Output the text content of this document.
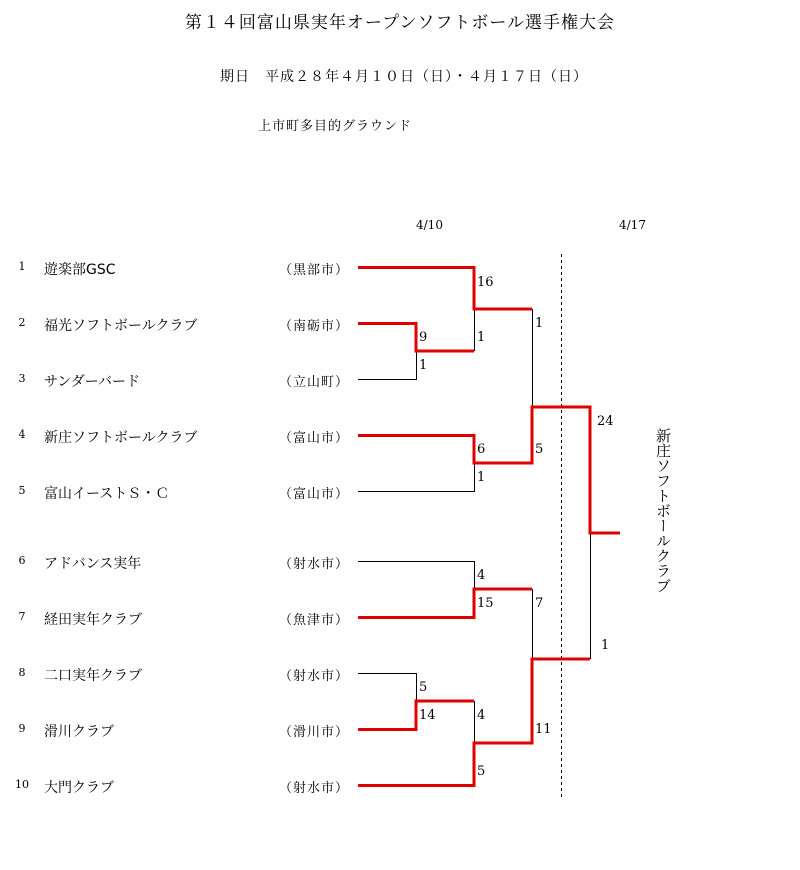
第１４回富山県実年オープンソフトボール選手権大会
期日　平成２８年４月１０日（日）・４月１７日（日）
上市町多目的グラウンド
4/10	4/17
1	遊楽部GSC	（黒部市）
2	福光ソフトボールクラブ	（南砺市）
3	サンダーバード	（立山町）
4	新庄ソフトボールクラブ	（富山市）
5	富山イーストＳ・Ｃ	（富山市）
6	アドバンス実年	（射水市）
7	経田実年クラブ	（魚津市）
8	二口実年クラブ	（射水市）
9	滑川クラブ	（滑川市）
10	大門クラブ	（射水市）
16
9
1
1
1
6
1
5
24
4
15	7
1
5
14	4
11
5
新庄ソフトボールクラブ
